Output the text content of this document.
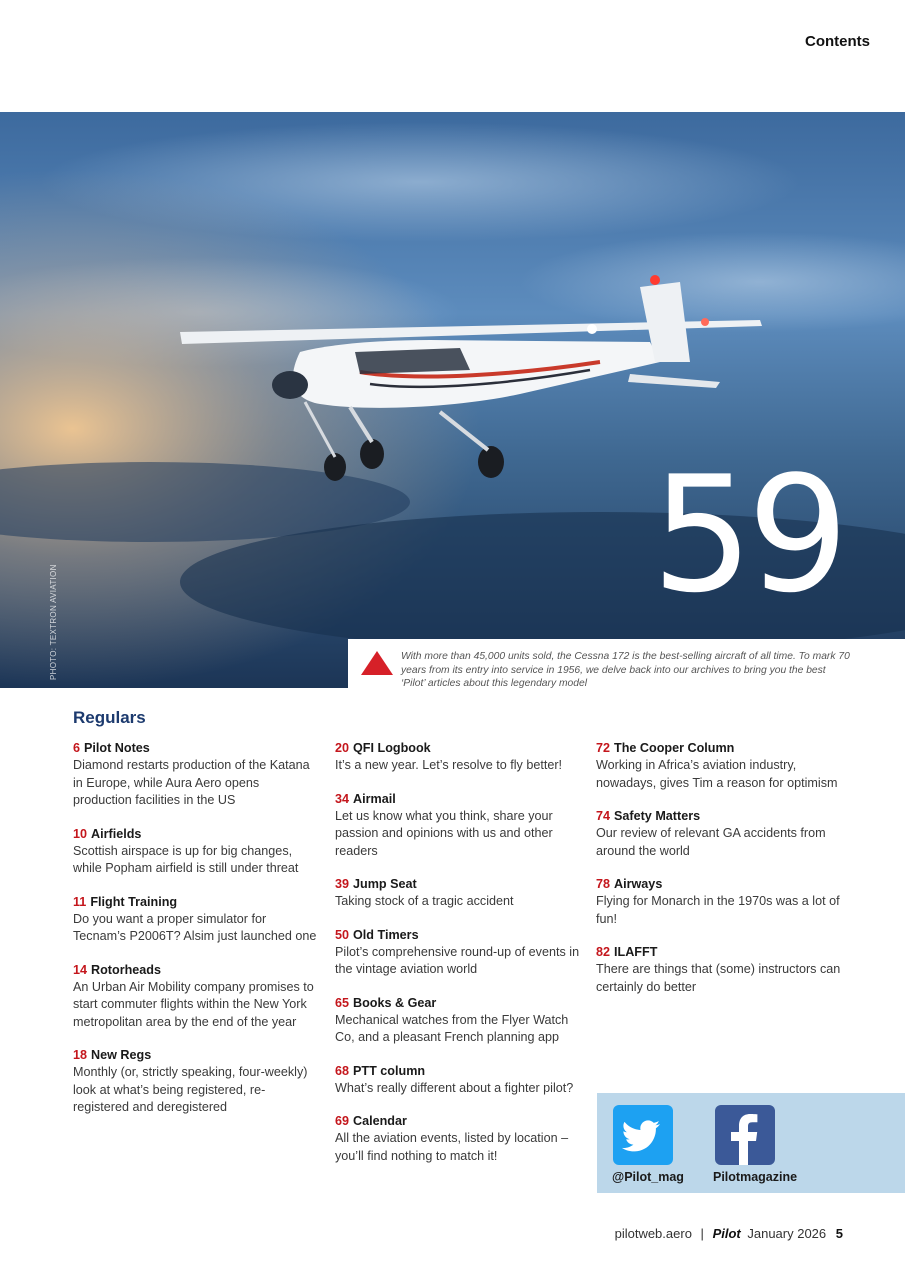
Contents
PHOTO: TEXTRON AVIATION	59
With more than 45,000 units sold, the Cessna 172 is the best-selling aircraft of all time. To mark 70 years from its entry into service in 1956, we delve back into our archives to bring you the best ‘Pilot’ articles about this legendary model
Regulars
6 Pilot Notes
Diamond restarts production of the Katana in Europe, while Aura Aero opens production facilities in the US
10 Airfields
Scottish airspace is up for big changes, while Popham airfield is still under threat
11 Flight Training
Do you want a proper simulator for Tecnam’s P2006T? Alsim just launched one
14 Rotorheads
An Urban Air Mobility company promises to start commuter flights within the New York metropolitan area by the end of the year
18 New Regs
Monthly (or, strictly speaking, four-weekly) look at what’s being registered, re-registered and deregistered
20 QFI Logbook
It’s a new year. Let’s resolve to fly better!
34 Airmail
Let us know what you think, share your passion and opinions with us and other readers
39 Jump Seat
Taking stock of a tragic accident
50 Old Timers
Pilot’s comprehensive round-up of events in the vintage aviation world
65 Books & Gear
Mechanical watches from the Flyer Watch Co, and a pleasant French planning app
68 PTT column
What’s really different about a fighter pilot?
69 Calendar
All the aviation events, listed by location – you’ll find nothing to match it!
72 The Cooper Column
Working in Africa’s aviation industry, nowadays, gives Tim a reason for optimism
74 Safety Matters
Our review of relevant GA accidents from around the world
78 Airways
Flying for Monarch in the 1970s was a lot of fun!
82 ILAFFT
There are things that (some) instructors can certainly do better
@Pilot_mag Pilotmagazine
pilotweb.aero | Pilot January 2026 5
